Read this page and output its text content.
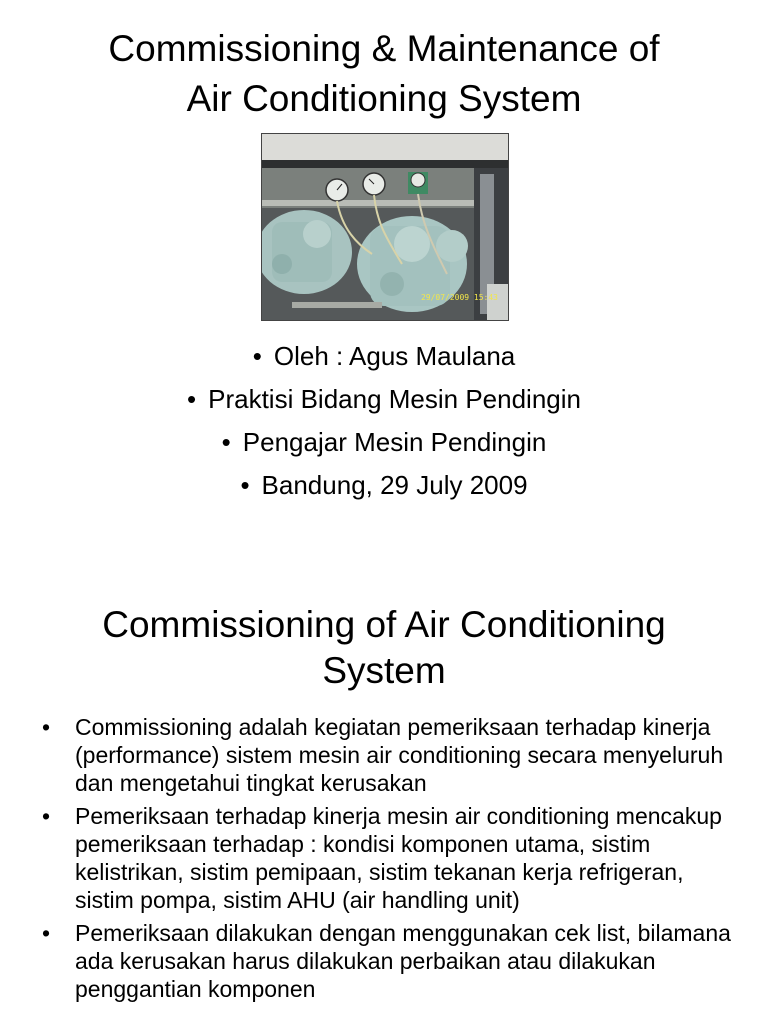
Commissioning & Maintenance of
Air Conditioning System
29/07/2009 15:43
• Oleh : Agus Maulana
• Praktisi Bidang Mesin Pendingin
• Pengajar Mesin Pendingin
• Bandung, 29 July 2009
Commissioning of Air Conditioning
System
• Commissioning adalah kegiatan pemeriksaan terhadap kinerja (performance) sistem mesin air conditioning secara menyeluruh dan mengetahui tingkat kerusakan
• Pemeriksaan terhadap kinerja mesin air conditioning mencakup pemeriksaan terhadap : kondisi komponen utama, sistim kelistrikan, sistim pemipaan, sistim tekanan kerja refrigeran, sistim pompa, sistim AHU (air handling unit)
• Pemeriksaan dilakukan dengan menggunakan cek list, bilamana ada kerusakan harus dilakukan perbaikan atau dilakukan penggantian komponen
